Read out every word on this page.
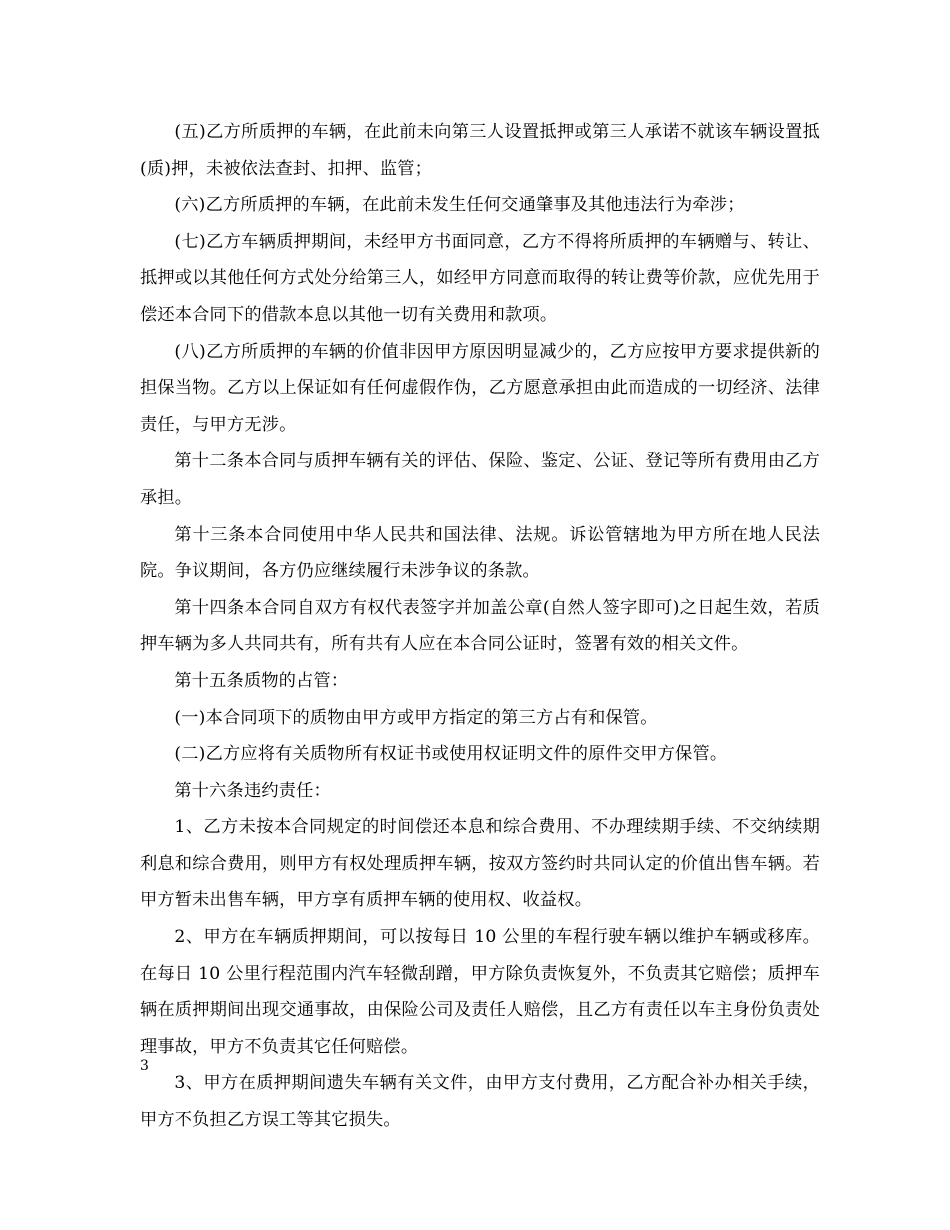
(五)乙方所质押的车辆，在此前未向第三人设置抵押或第三人承诺不就该车辆设置抵(质)押，未被依法查封、扣押、监管；

(六)乙方所质押的车辆，在此前未发生任何交通肇事及其他违法行为牵涉；

(七)乙方车辆质押期间，未经甲方书面同意，乙方不得将所质押的车辆赠与、转让、抵押或以其他任何方式处分给第三人，如经甲方同意而取得的转让费等价款，应优先用于偿还本合同下的借款本息以其他一切有关费用和款项。

(八)乙方所质押的车辆的价值非因甲方原因明显减少的，乙方应按甲方要求提供新的担保当物。乙方以上保证如有任何虚假作伪，乙方愿意承担由此而造成的一切经济、法律责任，与甲方无涉。

第十二条本合同与质押车辆有关的评估、保险、鉴定、公证、登记等所有费用由乙方承担。

第十三条本合同使用中华人民共和国法律、法规。诉讼管辖地为甲方所在地人民法院。争议期间，各方仍应继续履行未涉争议的条款。

第十四条本合同自双方有权代表签字并加盖公章(自然人签字即可)之日起生效，若质押车辆为多人共同共有，所有共有人应在本合同公证时，签署有效的相关文件。

第十五条质物的占管：

(一)本合同项下的质物由甲方或甲方指定的第三方占有和保管。

(二)乙方应将有关质物所有权证书或使用权证明文件的原件交甲方保管。

第十六条违约责任：

1、乙方未按本合同规定的时间偿还本息和综合费用、不办理续期手续、不交纳续期利息和综合费用，则甲方有权处理质押车辆，按双方签约时共同认定的价值出售车辆。若甲方暂未出售车辆，甲方享有质押车辆的使用权、收益权。

2、甲方在车辆质押期间，可以按每日 10 公里的车程行驶车辆以维护车辆或移库。在每日 10 公里行程范围内汽车轻微刮蹭，甲方除负责恢复外，不负责其它赔偿；质押车辆在质押期间出现交通事故，由保险公司及责任人赔偿，且乙方有责任以车主身份负责处理事故，甲方不负责其它任何赔偿。

3、甲方在质押期间遗失车辆有关文件，由甲方支付费用，乙方配合补办相关手续，甲方不负担乙方误工等其它损失。

3
